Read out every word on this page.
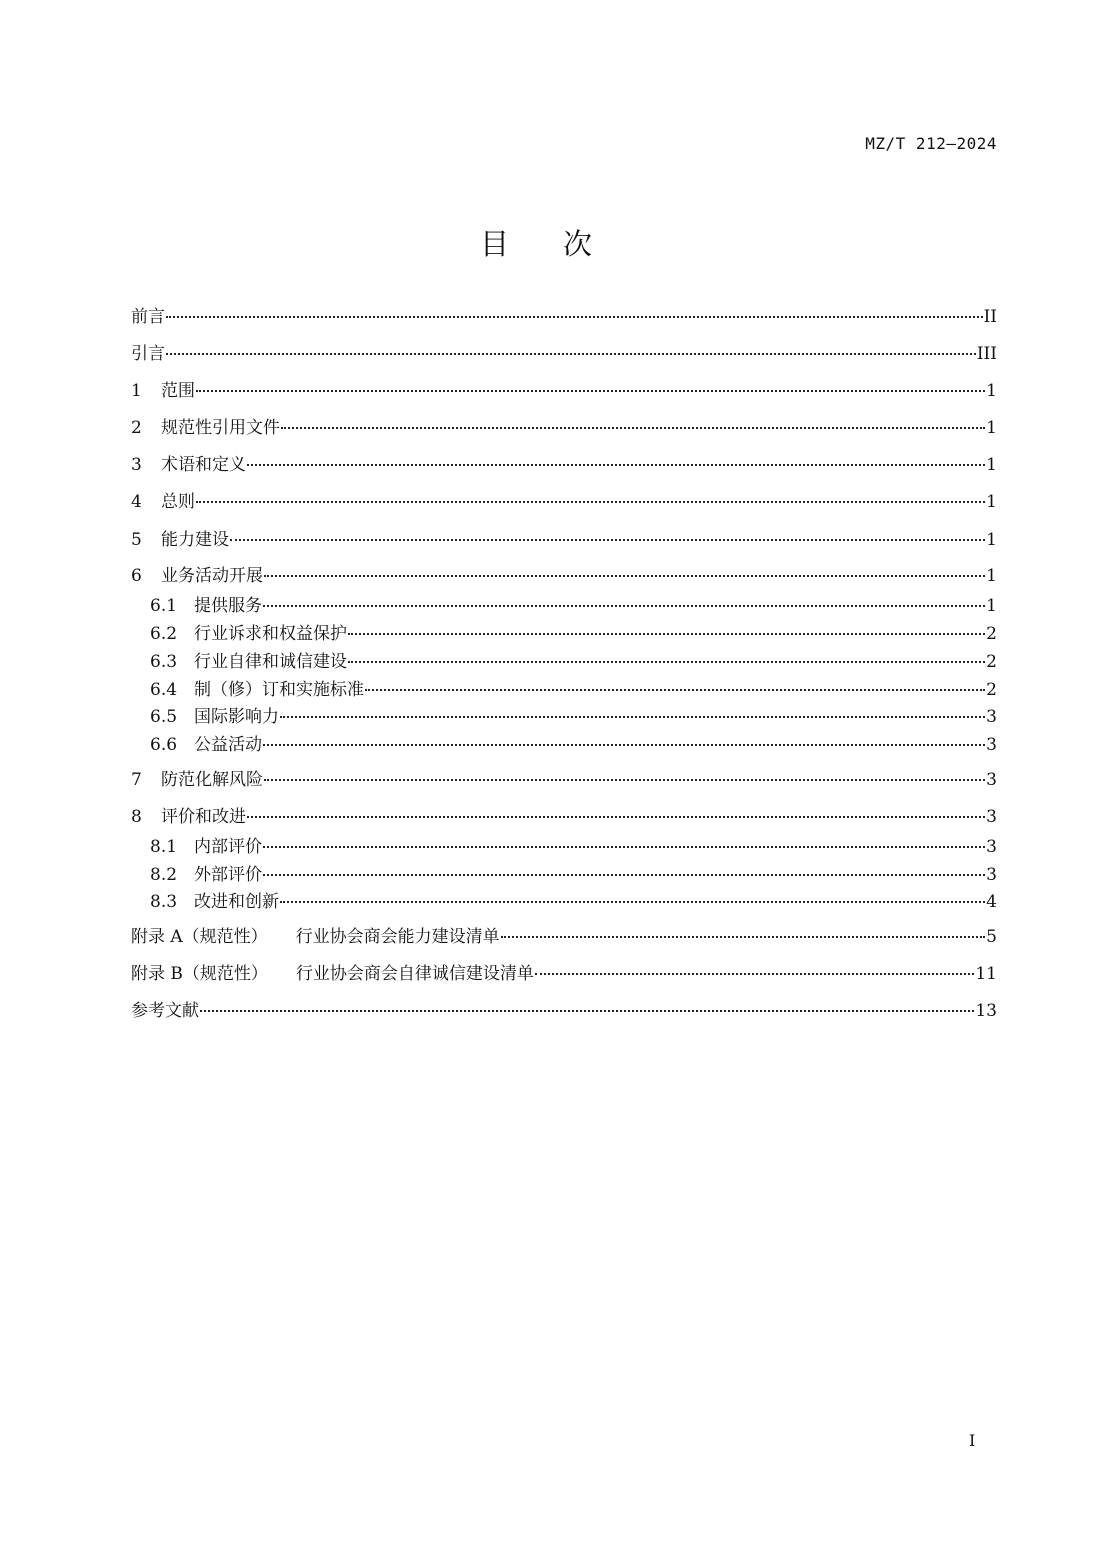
MZ/T 212—2024
目次
前言	II
引言	III
1	范围	1
2	规范性引用文件	1
3	术语和定义	1
4	总则	1
5	能力建设	1
6	业务活动开展	1
6.1 提供服务	1
6.2 行业诉求和权益保护	2
6.3 行业自律和诚信建设	2
6.4 制（修）订和实施标准	2
6.5 国际影响力	3
6.6 公益活动	3
7	防范化解风险	3
8	评价和改进	3
8.1 内部评价	3
8.2 外部评价	3
8.3 改进和创新	4
附录 A（规范性） 行业协会商会能力建设清单	5
附录 B（规范性） 行业协会商会自律诚信建设清单	11
参考文献	13
I
